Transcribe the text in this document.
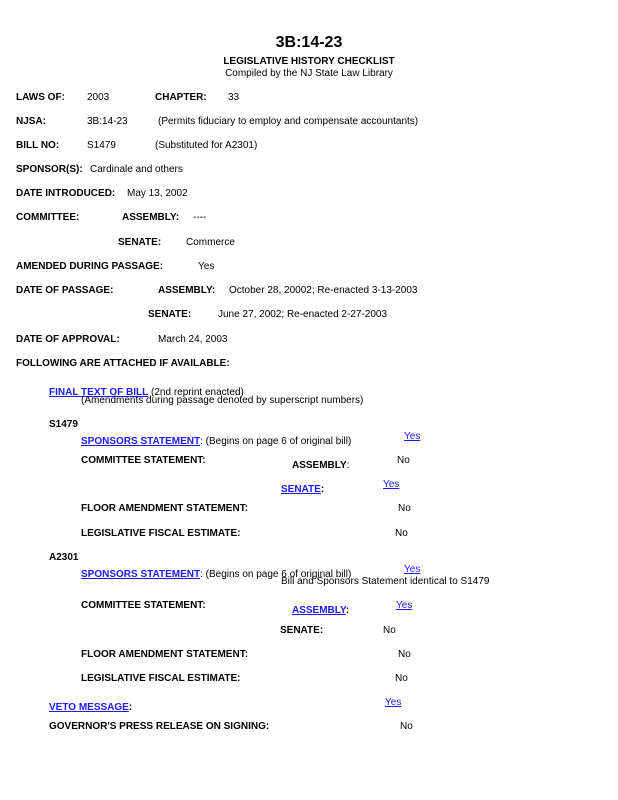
3B:14-23
LEGISLATIVE HISTORY CHECKLIST
Compiled by the NJ State Law Library
LAWS OF: 2003	CHAPTER: 33
NJSA:	3B:14-23	(Permits fiduciary to employ and compensate accountants)
BILL NO:	S1479	(Substituted for A2301)
SPONSOR(S): Cardinale and others
DATE INTRODUCED: May 13, 2002
COMMITTEE:	ASSEMBLY: ----
SENATE: Commerce
AMENDED DURING PASSAGE:	Yes
DATE OF PASSAGE:	ASSEMBLY: October 28, 20002; Re-enacted 3-13-2003
SENATE:	June 27, 2002; Re-enacted 2-27-2003
DATE OF APPROVAL:	March 24, 2003
FOLLOWING ARE ATTACHED IF AVAILABLE:
FINAL TEXT OF BILL (2nd reprint enacted)
(Amendments during passage denoted by superscript numbers)
S1479
SPONSORS STATEMENT: (Begins on page 6 of original bill)	Yes
COMMITTEE STATEMENT:	ASSEMBLY:	No
SENATE:	Yes
FLOOR AMENDMENT STATEMENT:	No
LEGISLATIVE FISCAL ESTIMATE:	No
A2301
SPONSORS STATEMENT: (Begins on page 6 of original bill)	Yes
Bill and Sponsors Statement identical to S1479
COMMITTEE STATEMENT:	ASSEMBLY:	Yes
SENATE:	No
FLOOR AMENDMENT STATEMENT:	No
LEGISLATIVE FISCAL ESTIMATE:	No
VETO MESSAGE:	Yes
GOVERNOR'S PRESS RELEASE ON SIGNING:	No
